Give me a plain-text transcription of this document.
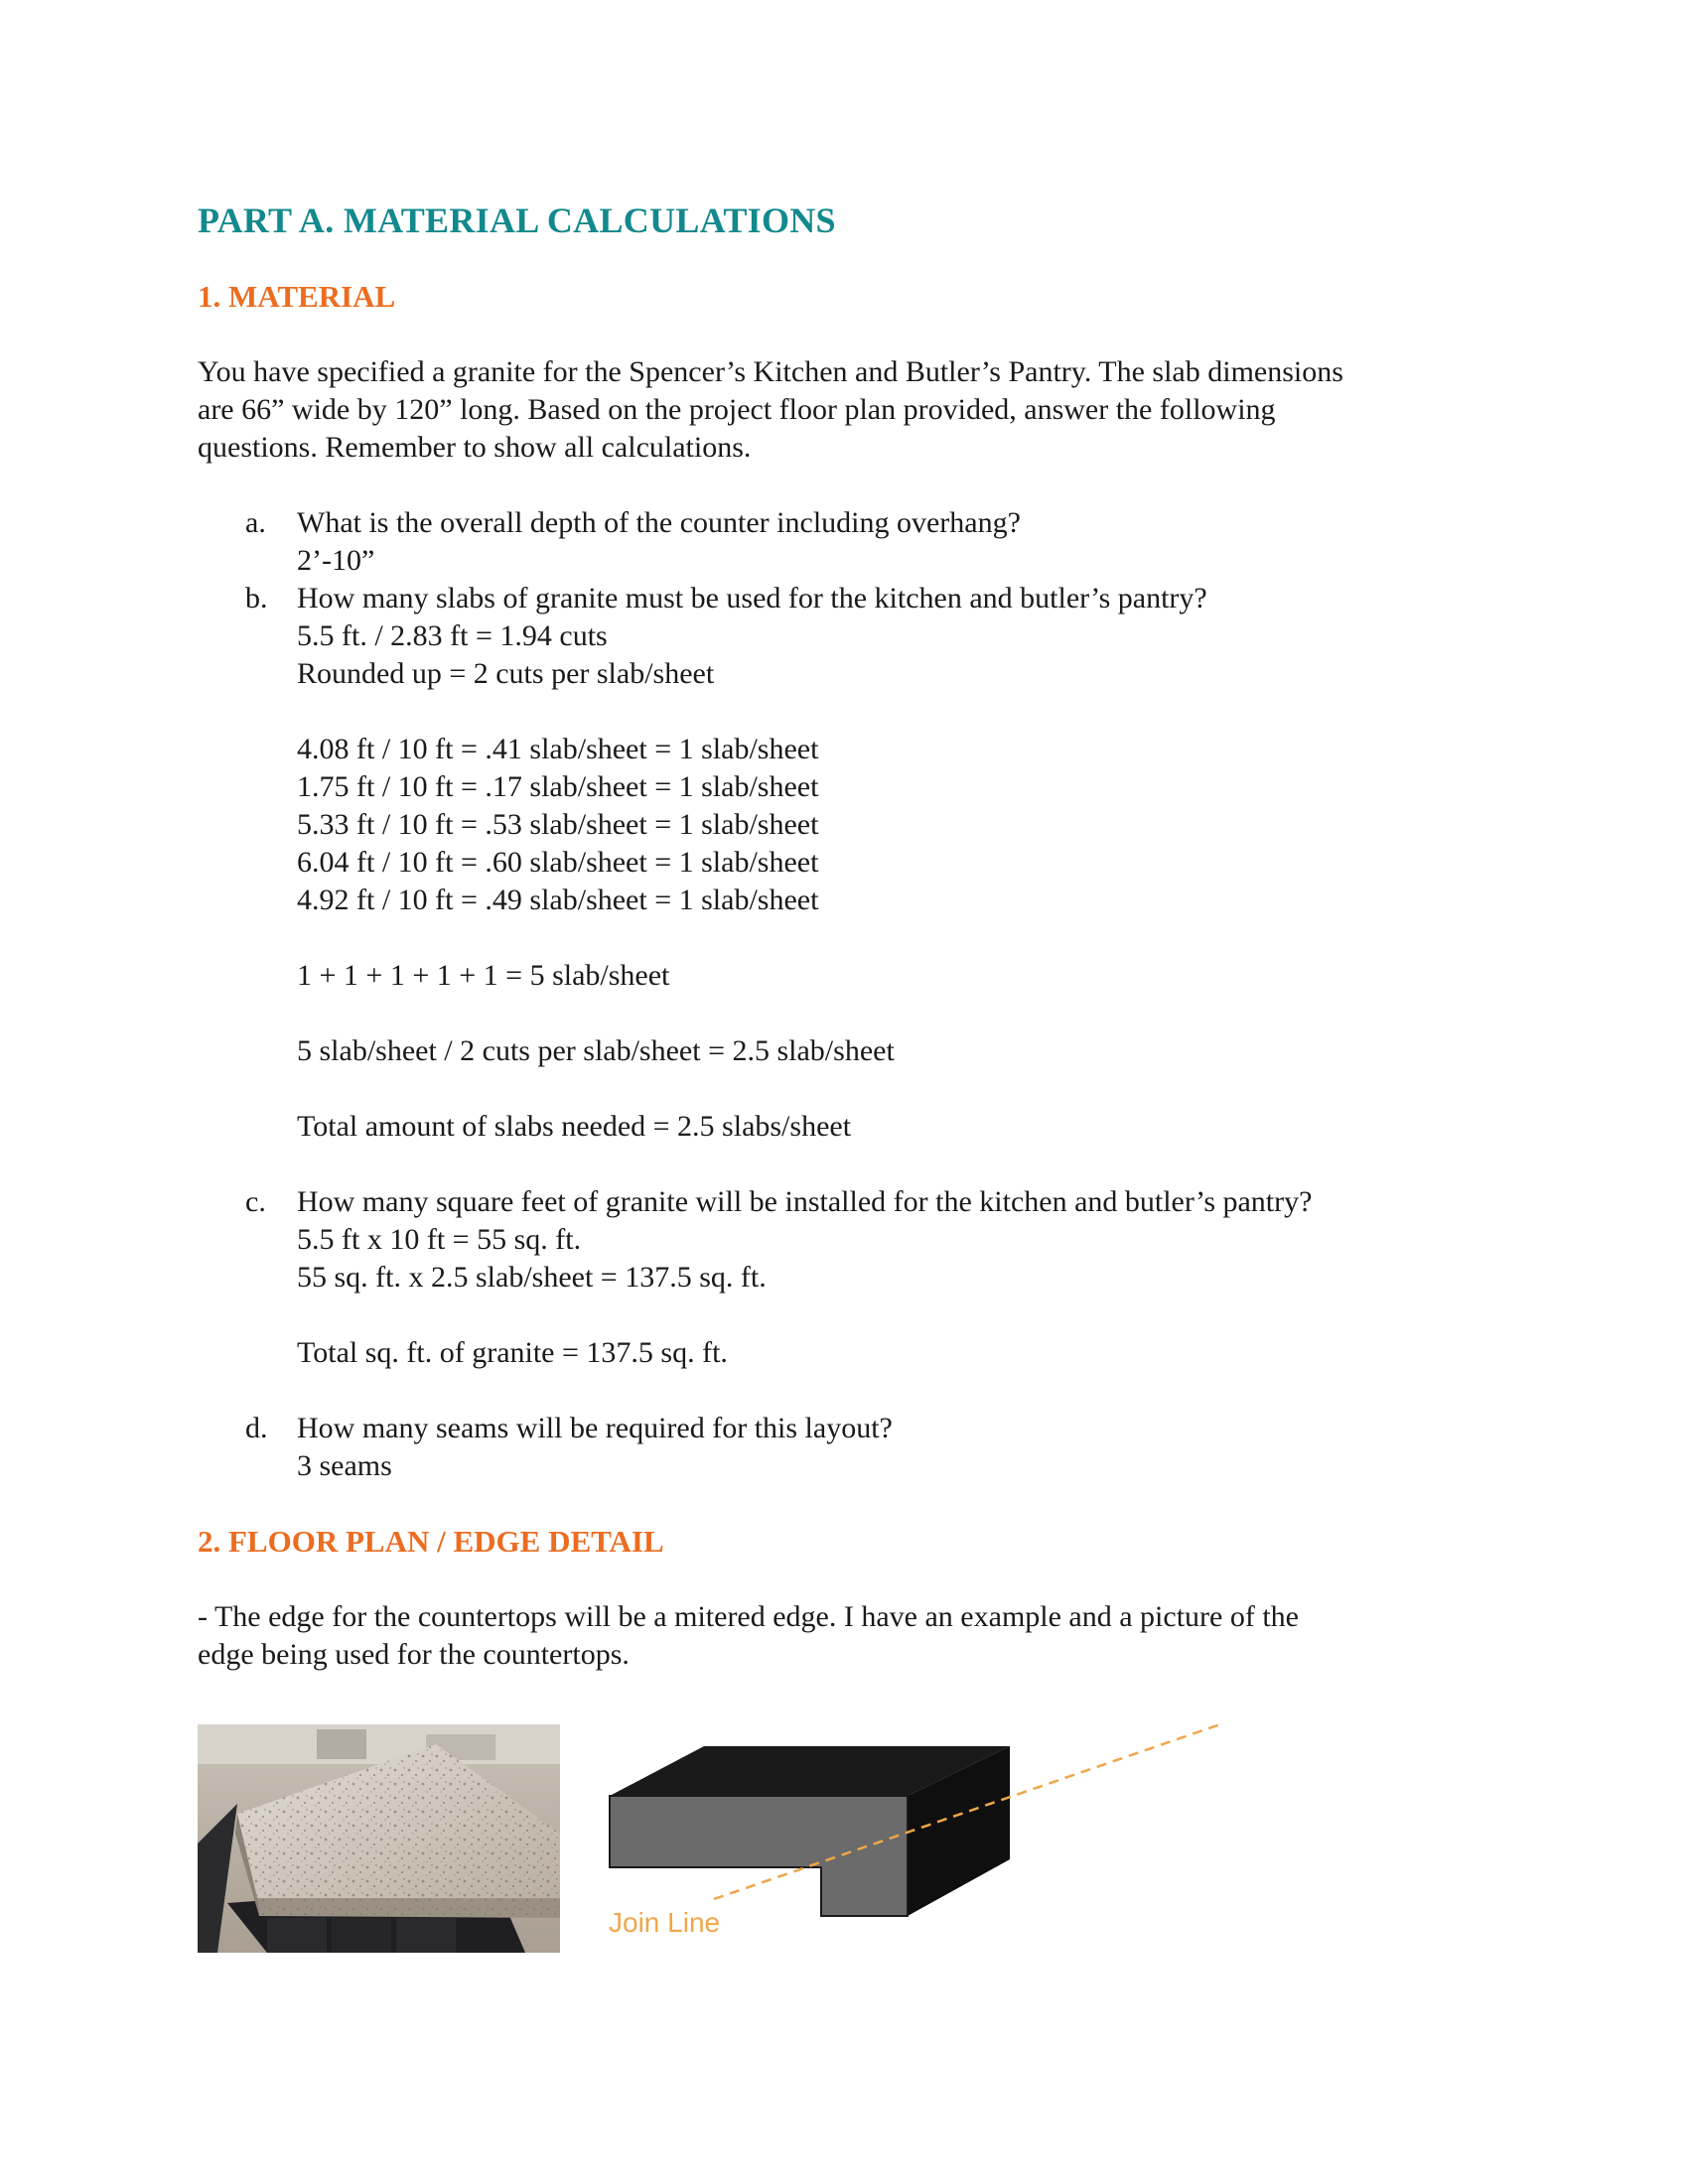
PART A. MATERIAL CALCULATIONS
1. MATERIAL

You have specified a granite for the Spencer’s Kitchen and Butler’s Pantry. The slab dimensions

are 66” wide by 120” long. Based on the project floor plan provided, answer the following

questions. Remember to show all calculations.

a. What is the overall depth of the counter including overhang?
2’-10”
b. How many slabs of granite must be used for the kitchen and butler’s pantry?
5.5 ft. / 2.83 ft = 1.94 cuts
Rounded up = 2 cuts per slab/sheet
4.08 ft / 10 ft = .41 slab/sheet = 1 slab/sheet
1.75 ft / 10 ft = .17 slab/sheet = 1 slab/sheet
5.33 ft / 10 ft = .53 slab/sheet = 1 slab/sheet
6.04 ft / 10 ft = .60 slab/sheet = 1 slab/sheet
4.92 ft / 10 ft = .49 slab/sheet = 1 slab/sheet
1 + 1 + 1 + 1 + 1 = 5 slab/sheet
5 slab/sheet / 2 cuts per slab/sheet = 2.5 slab/sheet
Total amount of slabs needed = 2.5 slabs/sheet
c. How many square feet of granite will be installed for the kitchen and butler’s pantry?
5.5 ft x 10 ft = 55 sq. ft.
55 sq. ft. x 2.5 slab/sheet = 137.5 sq. ft.
Total sq. ft. of granite = 137.5 sq. ft.
d. How many seams will be required for this layout?
3 seams
2. FLOOR PLAN / EDGE DETAIL

- The edge for the countertops will be a mitered edge. I have an example and a picture of the

edge being used for the countertops.

Join Line
